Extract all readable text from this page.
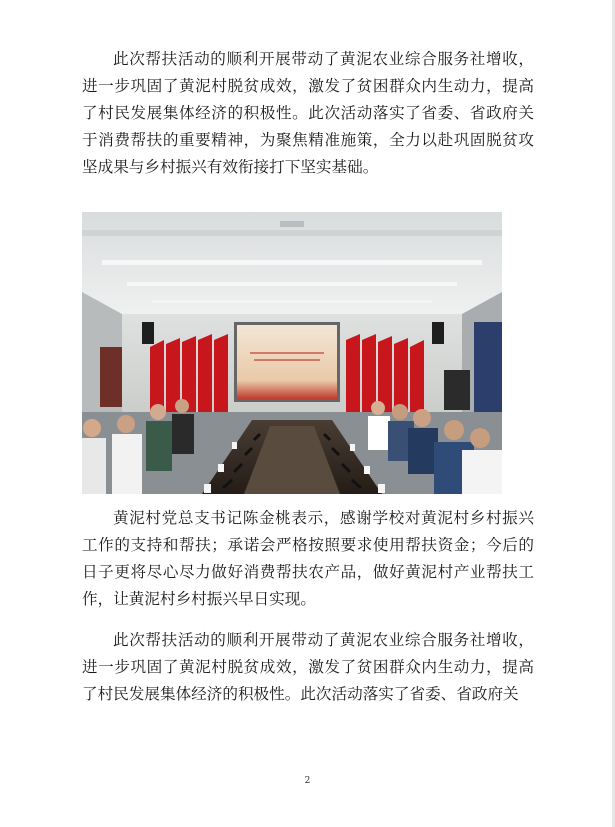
此次帮扶活动的顺利开展带动了黄泥农业综合服务社增收，进一步巩固了黄泥村脱贫成效，激发了贫困群众内生动力，提高了村民发展集体经济的积极性。此次活动落实了省委、省政府关于消费帮扶的重要精神，为聚焦精准施策，全力以赴巩固脱贫攻坚成果与乡村振兴有效衔接打下坚实基础。

黄泥村党总支书记陈金桃表示，感谢学校对黄泥村乡村振兴工作的支持和帮扶；承诺会严格按照要求使用帮扶资金；今后的日子更将尽心尽力做好消费帮扶农产品，做好黄泥村产业帮扶工作，让黄泥村乡村振兴早日实现。

此次帮扶活动的顺利开展带动了黄泥农业综合服务社增收，进一步巩固了黄泥村脱贫成效，激发了贫困群众内生动力，提高了村民发展集体经济的积极性。此次活动落实了省委、省政府关

2
